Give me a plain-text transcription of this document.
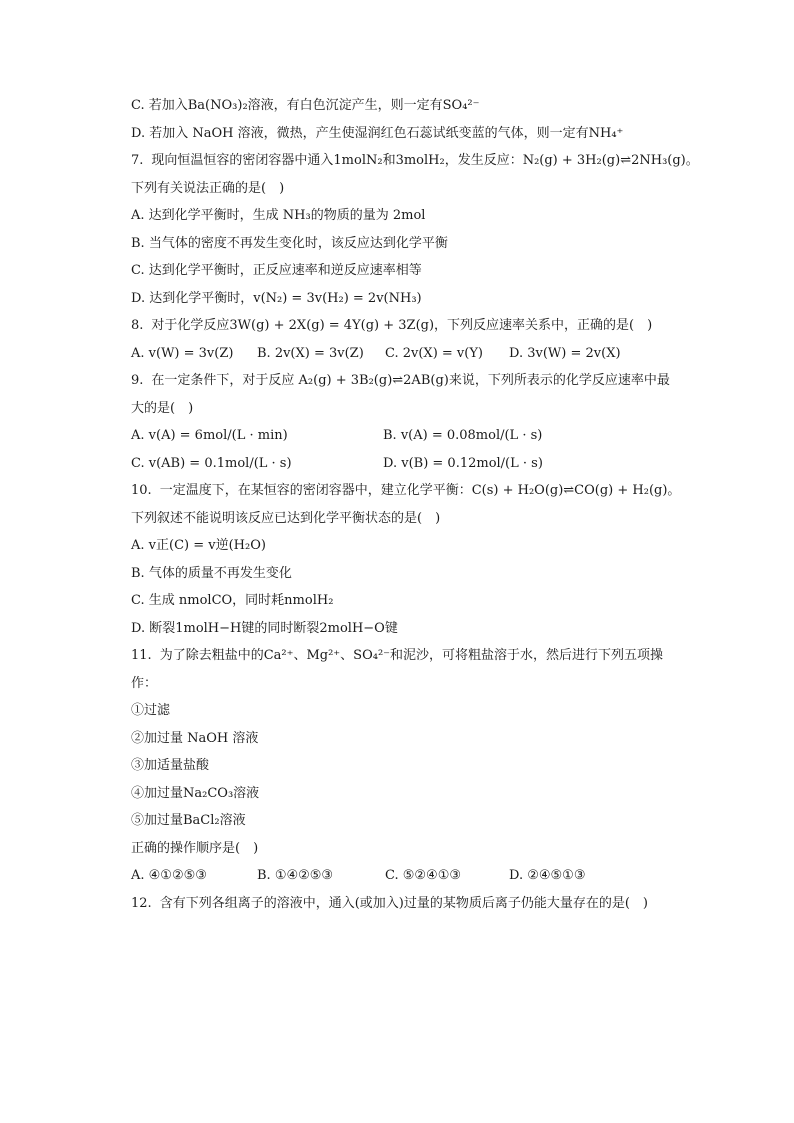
C. 若加入Ba(NO₃)₂溶液，有白色沉淀产生，则一定有SO₄²⁻
D. 若加入 NaOH 溶液，微热，产生使湿润红色石蕊试纸变蓝的气体，则一定有NH₄⁺
7. 现向恒温恒容的密闭容器中通入1molN₂和3molH₂，发生反应：N₂(g) + 3H₂(g)⇌2NH₃(g)。
下列有关说法正确的是(　)
A. 达到化学平衡时，生成 NH₃的物质的量为 2mol
B. 当气体的密度不再发生变化时，该反应达到化学平衡
C. 达到化学平衡时，正反应速率和逆反应速率相等
D. 达到化学平衡时，v(N₂) = 3v(H₂) = 2v(NH₃)
8. 对于化学反应3W(g) + 2X(g) = 4Y(g) + 3Z(g)，下列反应速率关系中，正确的是(　)
A. v(W) = 3v(Z)	B. 2v(X) = 3v(Z)	C. 2v(X) = v(Y)	D. 3v(W) = 2v(X)
9. 在一定条件下，对于反应 A₂(g) + 3B₂(g)⇌2AB(g)来说，下列所表示的化学反应速率中最
大的是(　)
A. v(A) = 6mol/(L · min)	B. v(A) = 0.08mol/(L · s)
C. v(AB) = 0.1mol/(L · s)	D. v(B) = 0.12mol/(L · s)
10. 一定温度下，在某恒容的密闭容器中，建立化学平衡：C(s) + H₂O(g)⇌CO(g) + H₂(g)。
下列叙述不能说明该反应已达到化学平衡状态的是(　)
A. v正(C) = v逆(H₂O)
B. 气体的质量不再发生变化
C. 生成 nmolCO，同时耗nmolH₂
D. 断裂1molH−H键的同时断裂2molH−O键
11. 为了除去粗盐中的Ca²⁺、Mg²⁺、SO₄²⁻和泥沙，可将粗盐溶于水，然后进行下列五项操
作：
①过滤
②加过量 NaOH 溶液
③加适量盐酸
④加过量Na₂CO₃溶液
⑤加过量BaCl₂溶液
正确的操作顺序是(　)
A. ④①②⑤③	B. ①④②⑤③	C. ⑤②④①③	D. ②④⑤①③
12. 含有下列各组离子的溶液中，通入(或加入)过量的某物质后离子仍能大量存在的是(　)
